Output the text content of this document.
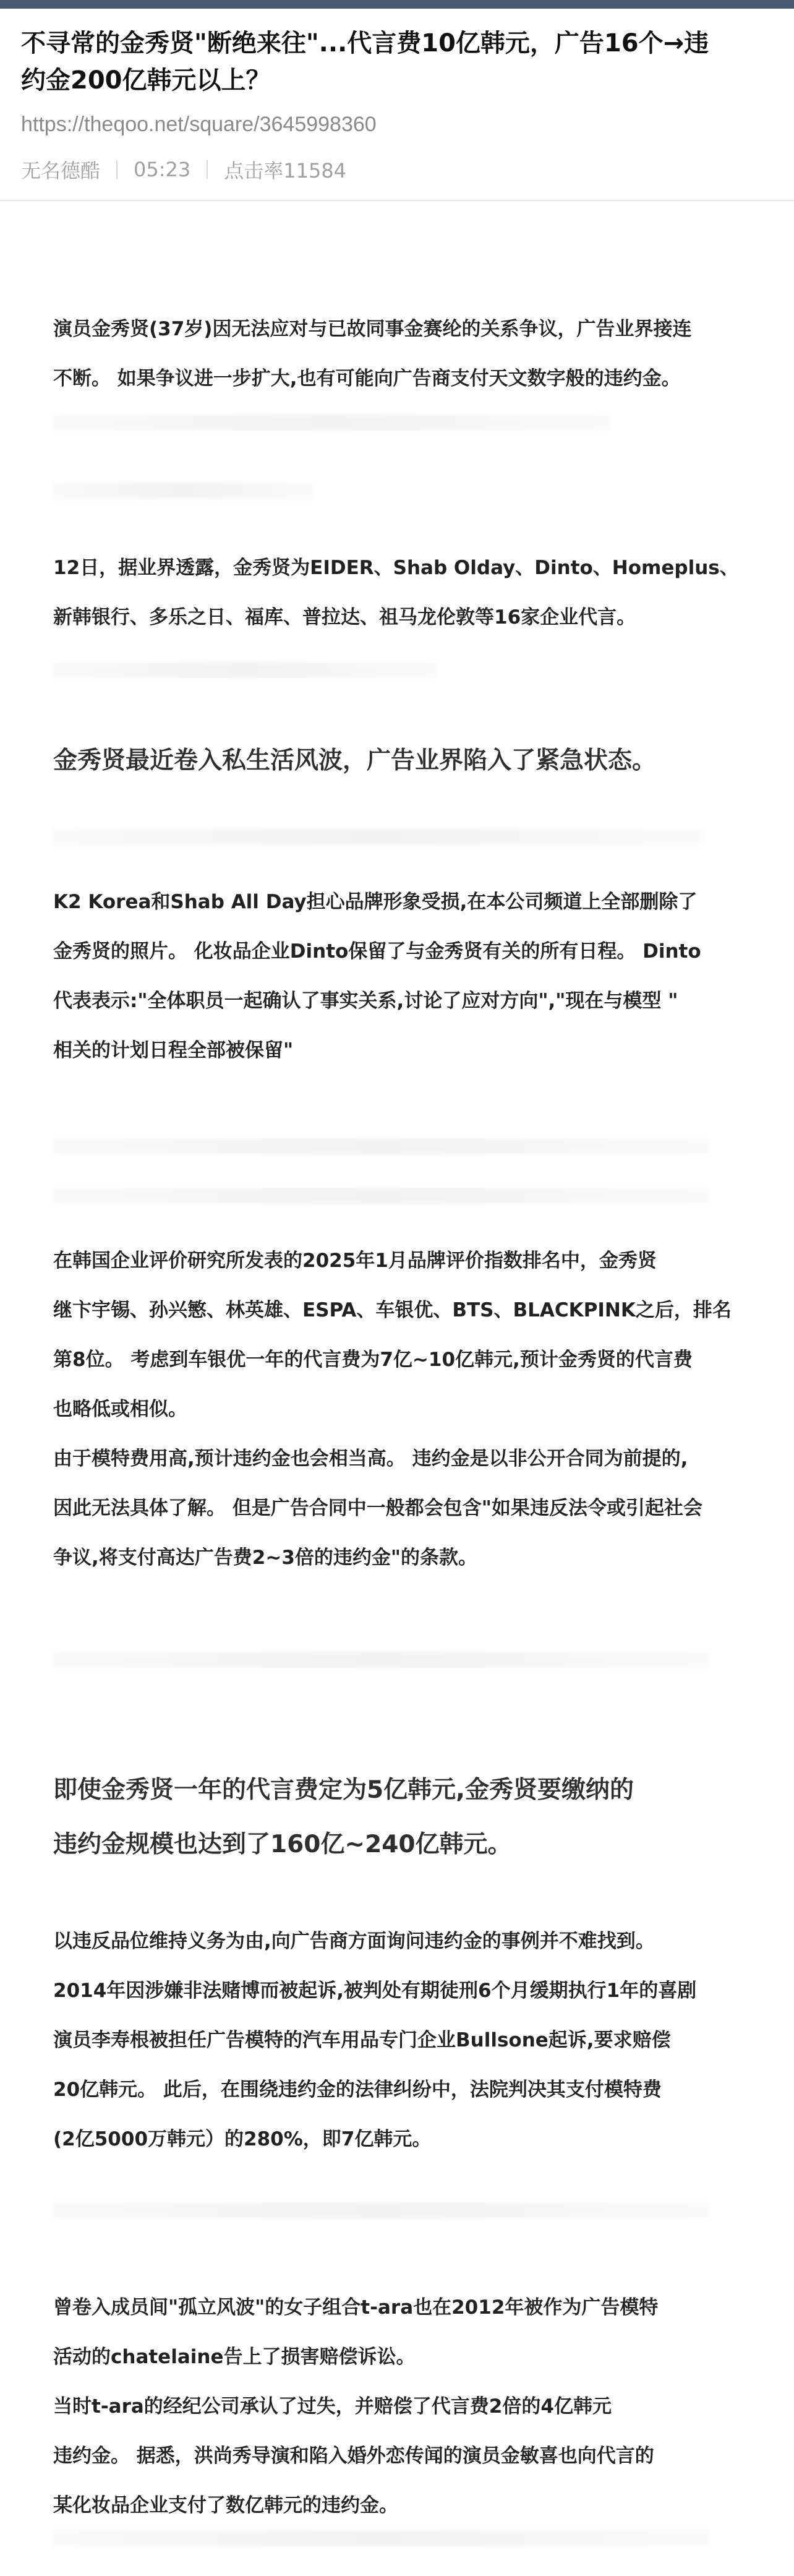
不寻常的金秀贤"断绝来往"...代言费10亿韩元，广告16个→违
约金200亿韩元以上？
https://theqoo.net/square/3645998360
无名德酷 05:23 点击率11584
演员金秀贤(37岁)因无法应对与已故同事金赛纶的关系争议，广告业界接连
不断。 如果争议进一步扩大,也有可能向广告商支付天文数字般的违约金。
12日，据业界透露，金秀贤为EIDER、Shab Olday、Dinto、Homeplus、
新韩银行、多乐之日、福库、普拉达、祖马龙伦敦等16家企业代言。
金秀贤最近卷入私生活风波，广告业界陷入了紧急状态。
K2 Korea和Shab All Day担心品牌形象受损,在本公司频道上全部删除了
金秀贤的照片。 化妆品企业Dinto保留了与金秀贤有关的所有日程。 Dinto
代表表示:"全体职员一起确认了事实关系,讨论了应对方向","现在与模型 "
相关的计划日程全部被保留"
在韩国企业评价研究所发表的2025年1月品牌评价指数排名中，金秀贤
继卞宇锡、孙兴慜、林英雄、ESPA、车银优、BTS、BLACKPINK之后，排名
第8位。 考虑到车银优一年的代言费为7亿~10亿韩元,预计金秀贤的代言费
也略低或相似。
由于模特费用高,预计违约金也会相当高。 违约金是以非公开合同为前提的,
因此无法具体了解。 但是广告合同中一般都会包含"如果违反法令或引起社会
争议,将支付高达广告费2~3倍的违约金"的条款。
即使金秀贤一年的代言费定为5亿韩元,金秀贤要缴纳的
违约金规模也达到了160亿~240亿韩元。
以违反品位维持义务为由,向广告商方面询问违约金的事例并不难找到。
2014年因涉嫌非法赌博而被起诉,被判处有期徒刑6个月缓期执行1年的喜剧
演员李寿根被担任广告模特的汽车用品专门企业Bullsone起诉,要求赔偿
20亿韩元。 此后，在围绕违约金的法律纠纷中，法院判决其支付模特费
(2亿5000万韩元）的280%，即7亿韩元。
曾卷入成员间"孤立风波"的女子组合t-ara也在2012年被作为广告模特
活动的chatelaine告上了损害赔偿诉讼。
当时t-ara的经纪公司承认了过失，并赔偿了代言费2倍的4亿韩元
违约金。 据悉，洪尚秀导演和陷入婚外恋传闻的演员金敏喜也向代言的
某化妆品企业支付了数亿韩元的违约金。
